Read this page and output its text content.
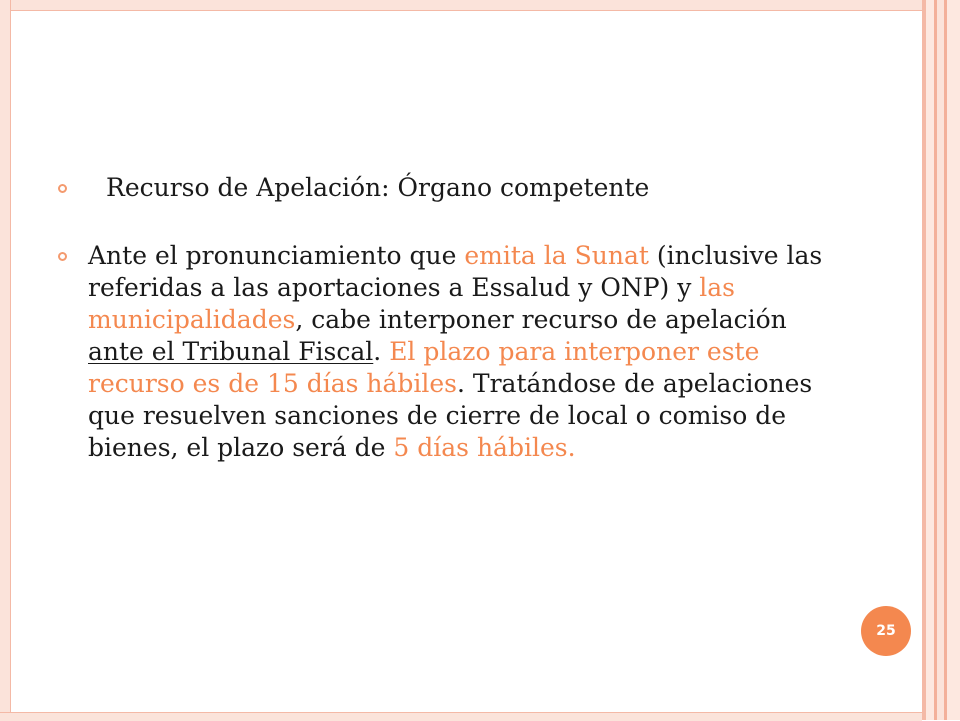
Recurso de Apelación: Órgano competente
Ante el pronunciamiento que emita la Sunat (inclusive las referidas a las aportaciones a Essalud y ONP) y las municipalidades, cabe interponer recurso de apelación ante el Tribunal Fiscal. El plazo para interponer este recurso es de 15 días hábiles. Tratándose de apelaciones que resuelven sanciones de cierre de local o comiso de bienes, el plazo será de 5 días hábiles.
25
